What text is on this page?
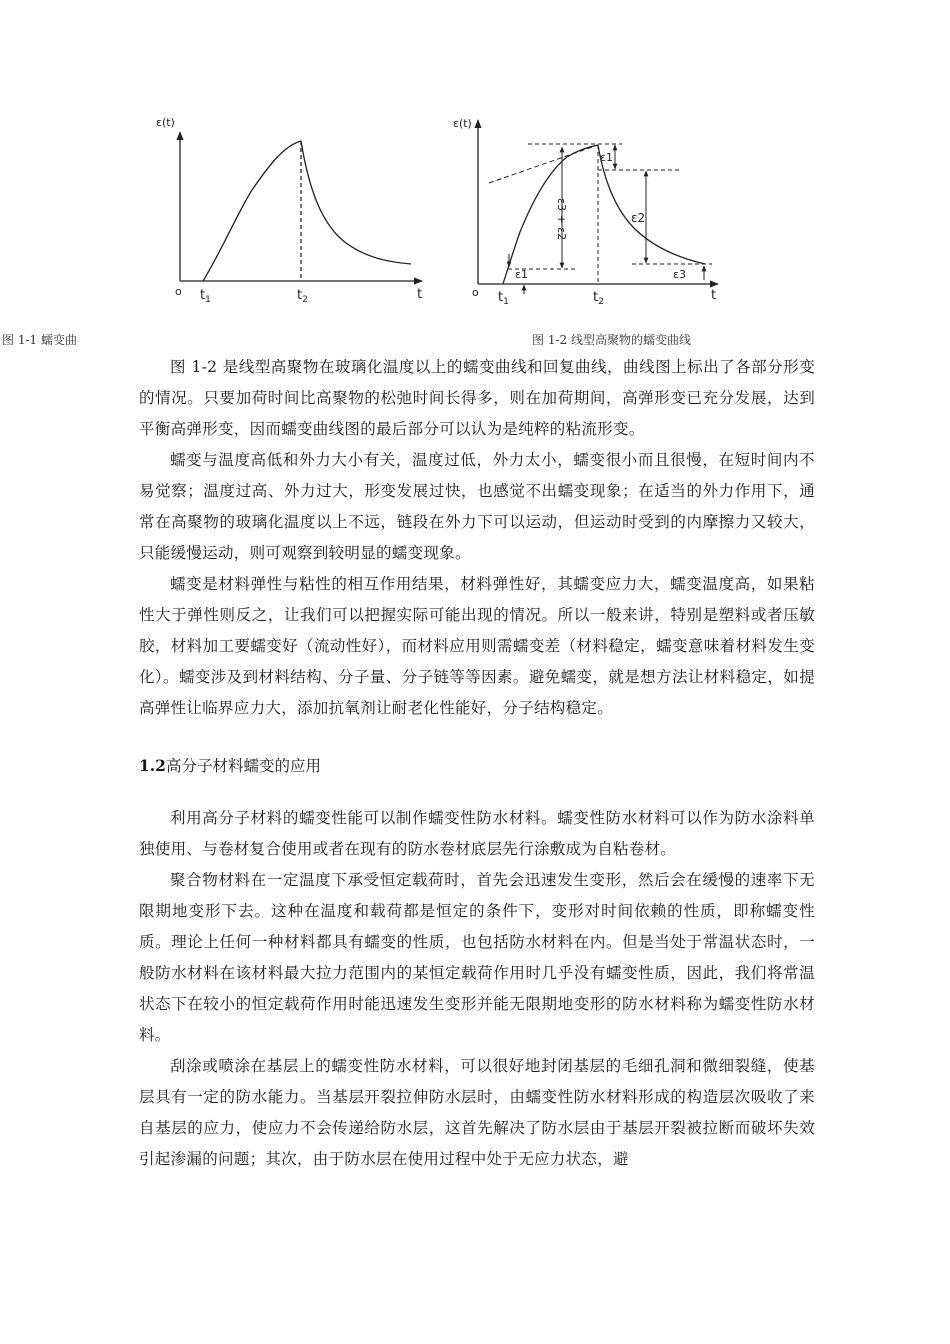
ε(t)
o $t_1$	$t_2$	t
ε(t)
o $t_1$	$t_2$	t
ε1
ε3 + ε2	ε2
ε1	ε3
图 1-1 蠕变曲	图 1-2 线型高聚物的蠕变曲线

图 1-2 是线型高聚物在玻璃化温度以上的蠕变曲线和回复曲线，曲线图上标出了各部分形变的情况。只要加荷时间比高聚物的松弛时间长得多，则在加荷期间，高弹形变已充分发展，达到平衡高弹形变，因而蠕变曲线图的最后部分可以认为是纯粹的粘流形变。

蠕变与温度高低和外力大小有关，温度过低，外力太小，蠕变很小而且很慢，在短时间内不易觉察；温度过高、外力过大，形变发展过快，也感觉不出蠕变现象；在适当的外力作用下，通常在高聚物的玻璃化温度以上不远，链段在外力下可以运动，但运动时受到的内摩擦力又较大，只能缓慢运动，则可观察到较明显的蠕变现象。

蠕变是材料弹性与粘性的相互作用结果，材料弹性好，其蠕变应力大，蠕变温度高，如果粘性大于弹性则反之，让我们可以把握实际可能出现的情况。所以一般来讲，特别是塑料或者压敏胶，材料加工要蠕变好（流动性好），而材料应用则需蠕变差（材料稳定，蠕变意味着材料发生变化）。蠕变涉及到材料结构、分子量、分子链等等因素。避免蠕变，就是想方法让材料稳定，如提高弹性让临界应力大，添加抗氧剂让耐老化性能好，分子结构稳定。

1.2高分子材料蠕变的应用

利用高分子材料的蠕变性能可以制作蠕变性防水材料。蠕变性防水材料可以作为防水涂料单独使用、与卷材复合使用或者在现有的防水卷材底层先行涂敷成为自粘卷材。

聚合物材料在一定温度下承受恒定载荷时，首先会迅速发生变形，然后会在缓慢的速率下无限期地变形下去。这种在温度和载荷都是恒定的条件下，变形对时间依赖的性质，即称蠕变性质。理论上任何一种材料都具有蠕变的性质，也包括防水材料在内。但是当处于常温状态时，一般防水材料在该材料最大拉力范围内的某恒定载荷作用时几乎没有蠕变性质，因此，我们将常温状态下在较小的恒定载荷作用时能迅速发生变形并能无限期地变形的防水材料称为蠕变性防水材料。

刮涂或喷涂在基层上的蠕变性防水材料，可以很好地封闭基层的毛细孔洞和微细裂缝，使基层具有一定的防水能力。当基层开裂拉伸防水层时，由蠕变性防水材料形成的构造层次吸收了来自基层的应力，使应力不会传递给防水层，这首先解决了防水层由于基层开裂被拉断而破坏失效引起渗漏的问题；其次，由于防水层在使用过程中处于无应力状态，避
